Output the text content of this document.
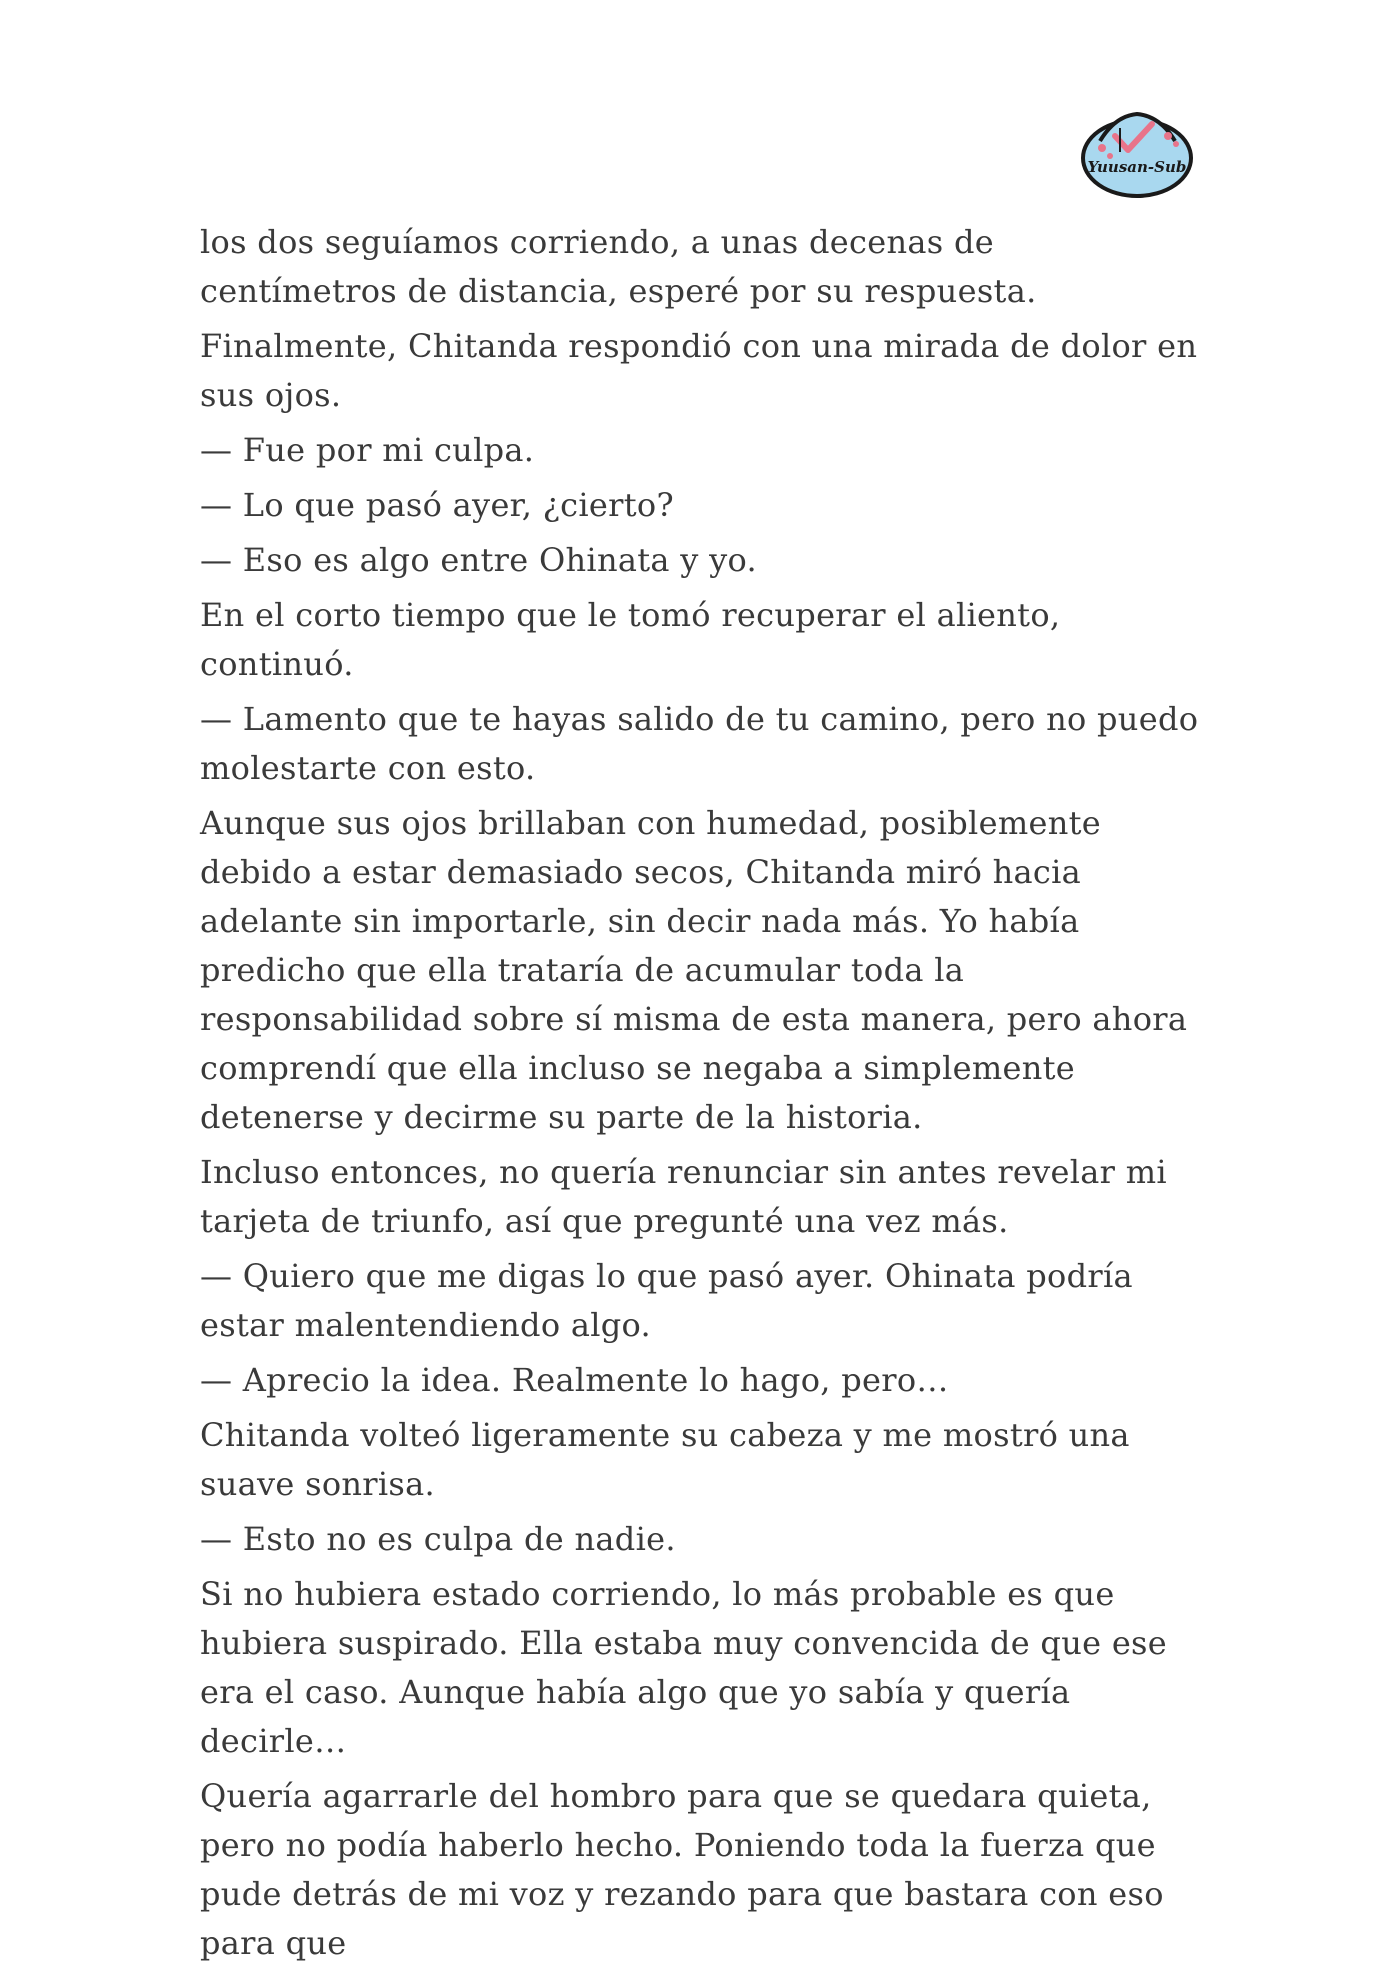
Yuusan-Sub

los dos seguíamos corriendo, a unas decenas de centímetros de distancia, esperé por su respuesta.

Finalmente, Chitanda respondió con una mirada de dolor en sus ojos.

— Fue por mi culpa.

— Lo que pasó ayer, ¿cierto?

— Eso es algo entre Ohinata y yo.

En el corto tiempo que le tomó recuperar el aliento, continuó.

— Lamento que te hayas salido de tu camino, pero no puedo molestarte con esto.

Aunque sus ojos brillaban con humedad, posiblemente debido a estar demasiado secos, Chitanda miró hacia adelante sin importarle, sin decir nada más. Yo había predicho que ella trataría de acumular toda la responsabilidad sobre sí misma de esta manera, pero ahora comprendí que ella incluso se negaba a simplemente detenerse y decirme su parte de la historia.

Incluso entonces, no quería renunciar sin antes revelar mi tarjeta de triunfo, así que pregunté una vez más.

— Quiero que me digas lo que pasó ayer. Ohinata podría estar malentendiendo algo.

— Aprecio la idea. Realmente lo hago, pero…

Chitanda volteó ligeramente su cabeza y me mostró una suave sonrisa.

— Esto no es culpa de nadie.

Si no hubiera estado corriendo, lo más probable es que hubiera suspirado. Ella estaba muy convencida de que ese era el caso. Aunque había algo que yo sabía y quería decirle…

Quería agarrarle del hombro para que se quedara quieta, pero no podía haberlo hecho. Poniendo toda la fuerza que pude detrás de mi voz y rezando para que bastara con eso para que
